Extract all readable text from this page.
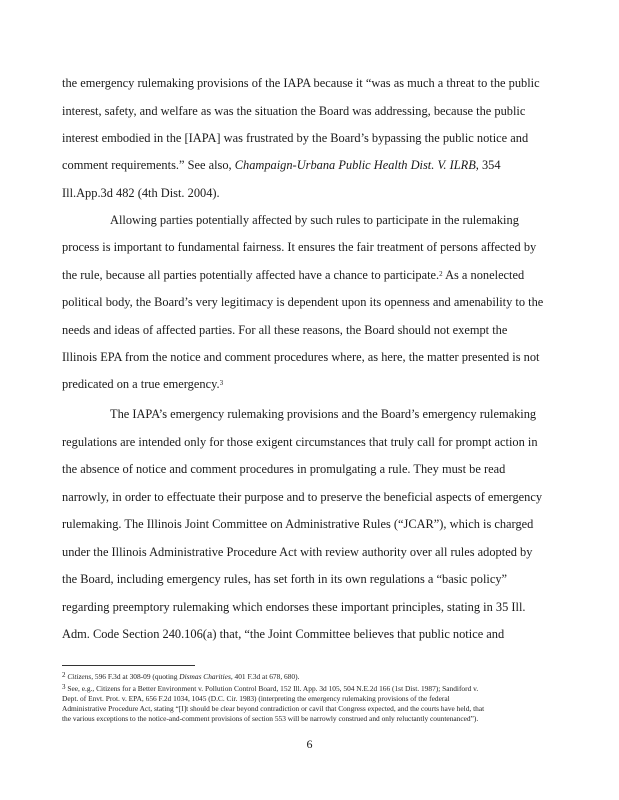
the emergency rulemaking provisions of the IAPA because it “was as much a threat to the public
interest, safety, and welfare as was the situation the Board was addressing, because the public
interest embodied in the [IAPA] was frustrated by the Board’s bypassing the public notice and
comment requirements.” See also, Champaign-Urbana Public Health Dist. V. ILRB, 354
Ill.App.3d 482 (4th Dist. 2004).
Allowing parties potentially affected by such rules to participate in the rulemaking
process is important to fundamental fairness. It ensures the fair treatment of persons affected by
the rule, because all parties potentially affected have a chance to participate.$^2$ As a nonelected
political body, the Board’s very legitimacy is dependent upon its openness and amenability to the
needs and ideas of affected parties. For all these reasons, the Board should not exempt the
Illinois EPA from the notice and comment procedures where, as here, the matter presented is not
predicated on a true emergency.$^3$
The IAPA’s emergency rulemaking provisions and the Board’s emergency rulemaking
regulations are intended only for those exigent circumstances that truly call for prompt action in
the absence of notice and comment procedures in promulgating a rule. They must be read
narrowly, in order to effectuate their purpose and to preserve the beneficial aspects of emergency
rulemaking. The Illinois Joint Committee on Administrative Rules (“JCAR”), which is charged
under the Illinois Administrative Procedure Act with review authority over all rules adopted by
the Board, including emergency rules, has set forth in its own regulations a “basic policy”
regarding preemptory rulemaking which endorses these important principles, stating in 35 Ill.
Adm. Code Section 240.106(a) that, “the Joint Committee believes that public notice and
$^2$ Citizens, 596 F.3d at 308-09 (quoting Dismas Charities, 401 F.3d at 678, 680).
$^3$ See, e.g., Citizens for a Better Environment v. Pollution Control Board, 152 Ill. App. 3d 105, 504 N.E.2d 166 (1st Dist. 1987); Sandiford v.
Dept. of Envt. Prot. v. EPA, 656 F.2d 1034, 1045 (D.C. Cir. 1983) (interpreting the emergency rulemaking provisions of the federal
Administrative Procedure Act, stating “[I]t should be clear beyond contradiction or cavil that Congress expected, and the courts have held, that
the various exceptions to the notice-and-comment provisions of section 553 will be narrowly construed and only reluctantly countenanced”).
6
